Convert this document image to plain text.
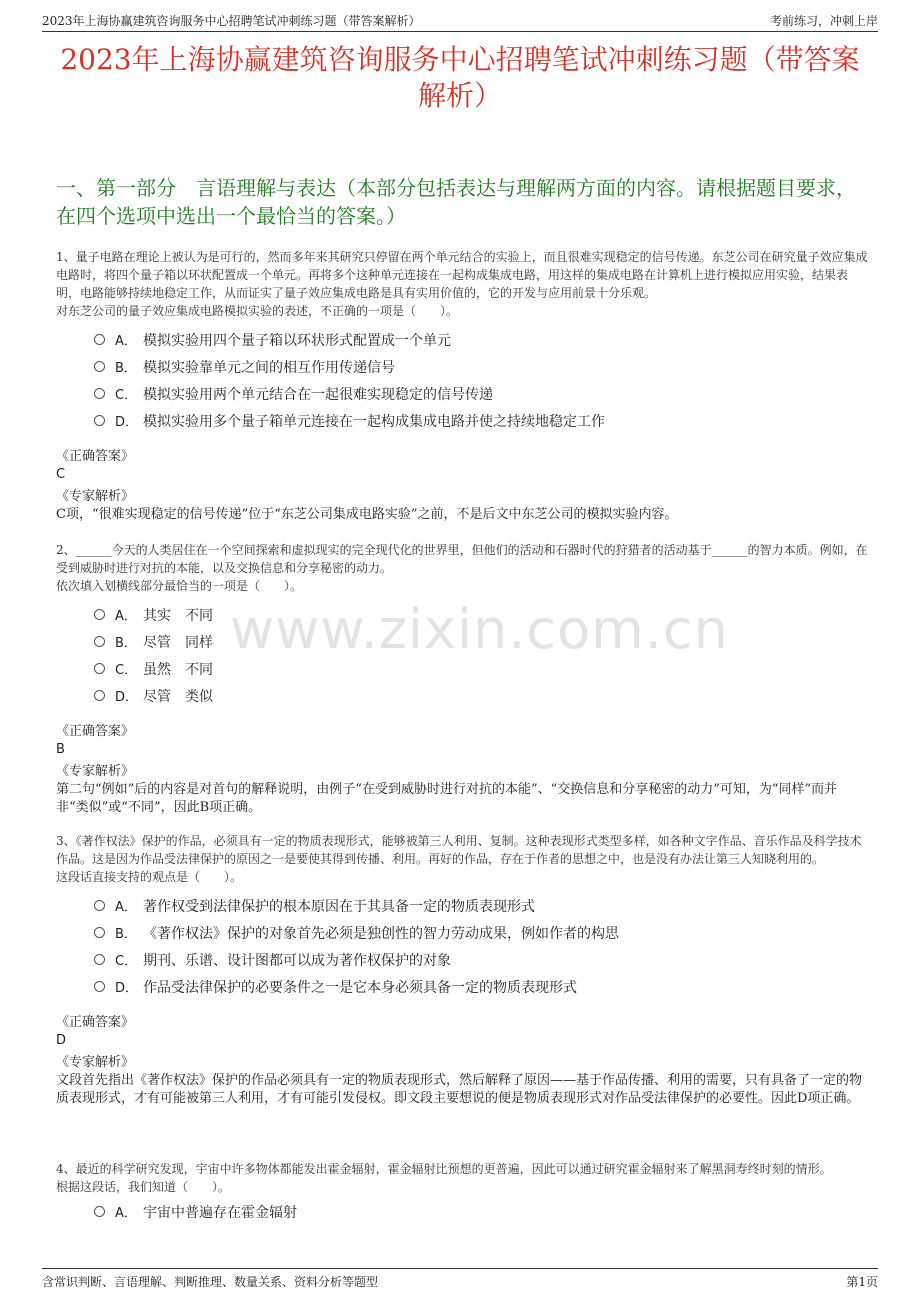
2023年上海协赢建筑咨询服务中心招聘笔试冲刺练习题（带答案解析）	考前练习，冲刺上岸
2023年上海协赢建筑咨询服务中心招聘笔试冲刺练习题（带答案解析）
一、第一部分　言语理解与表达（本部分包括表达与理解两方面的内容。请根据题目要求，在四个选项中选出一个最恰当的答案。）
www.zixin.com.cn
1、量子电路在理论上被认为是可行的，然而多年来其研究只停留在两个单元结合的实验上，而且很难实现稳定的信号传递。东芝公司在研究量子效应集成电路时，将四个量子箱以环状配置成一个单元。再将多个这种单元连接在一起构成集成电路，用这样的集成电路在计算机上进行模拟应用实验，结果表明，电路能够持续地稳定工作，从而证实了量子效应集成电路是具有实用价值的，它的开发与应用前景十分乐观。
对东芝公司的量子效应集成电路模拟实验的表述，不正确的一项是（　　）。
A． 模拟实验用四个量子箱以环状形式配置成一个单元
B． 模拟实验靠单元之间的相互作用传递信号
C． 模拟实验用两个单元结合在一起很难实现稳定的信号传递
D． 模拟实验用多个量子箱单元连接在一起构成集成电路并使之持续地稳定工作
《正确答案》
C
《专家解析》
C项，“很难实现稳定的信号传递”位于“东芝公司集成电路实验”之前，不是后文中东芝公司的模拟实验内容。
2、______今天的人类居住在一个空间探索和虚拟现实的完全现代化的世界里，但他们的活动和石器时代的狩猎者的活动基于______的智力本质。例如，在受到威胁时进行对抗的本能，以及交换信息和分享秘密的动力。
依次填入划横线部分最恰当的一项是（　　）。
A． 其实　不同
B． 尽管　同样
C． 虽然　不同
D． 尽管　类似
《正确答案》
B
《专家解析》
第二句“例如”后的内容是对首句的解释说明，由例子“在受到威胁时进行对抗的本能”、“交换信息和分享秘密的动力”可知，为“同样”而并非“类似”或“不同”，因此B项正确。
3、《著作权法》保护的作品，必须具有一定的物质表现形式，能够被第三人利用、复制。这种表现形式类型多样，如各种文字作品、音乐作品及科学技术作品。这是因为作品受法律保护的原因之一是要使其得到传播、利用。再好的作品，存在于作者的思想之中，也是没有办法让第三人知晓利用的。
这段话直接支持的观点是（　　）。
A． 著作权受到法律保护的根本原因在于其具备一定的物质表现形式
B． 《著作权法》保护的对象首先必须是独创性的智力劳动成果，例如作者的构思
C． 期刊、乐谱、设计图都可以成为著作权保护的对象
D． 作品受法律保护的必要条件之一是它本身必须具备一定的物质表现形式
《正确答案》
D
《专家解析》
文段首先指出《著作权法》保护的作品必须具有一定的物质表现形式，然后解释了原因——基于作品传播、利用的需要，只有具备了一定的物质表现形式，才有可能被第三人利用，才有可能引发侵权。即文段主要想说的便是物质表现形式对作品受法律保护的必要性。因此D项正确。
4、最近的科学研究发现，宇宙中许多物体都能发出霍金辐射，霍金辐射比预想的更普遍，因此可以通过研究霍金辐射来了解黑洞寿终时刻的情形。
根据这段话，我们知道（　　）。
A． 宇宙中普遍存在霍金辐射
含常识判断、言语理解、判断推理、数量关系、资料分析等题型	第1页
